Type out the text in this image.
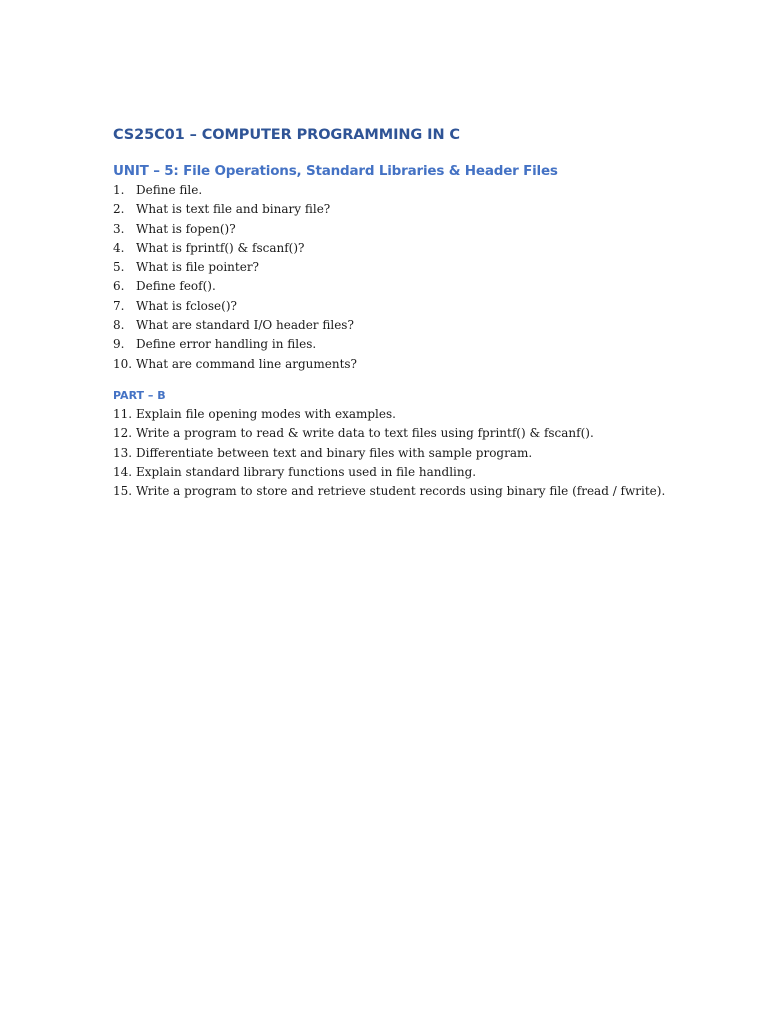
CS25C01 – COMPUTER PROGRAMMING IN C
UNIT – 5: File Operations, Standard Libraries & Header Files
1. Define file.
2. What is text file and binary file?
3. What is fopen()?
4. What is fprintf() & fscanf()?
5. What is file pointer?
6. Define feof().
7. What is fclose()?
8. What are standard I/O header files?
9. Define error handling in files.
10. What are command line arguments?
PART – B
11. Explain file opening modes with examples.
12. Write a program to read & write data to text files using fprintf() & fscanf().
13. Differentiate between text and binary files with sample program.
14. Explain standard library functions used in file handling.
15. Write a program to store and retrieve student records using binary file (fread / fwrite).
